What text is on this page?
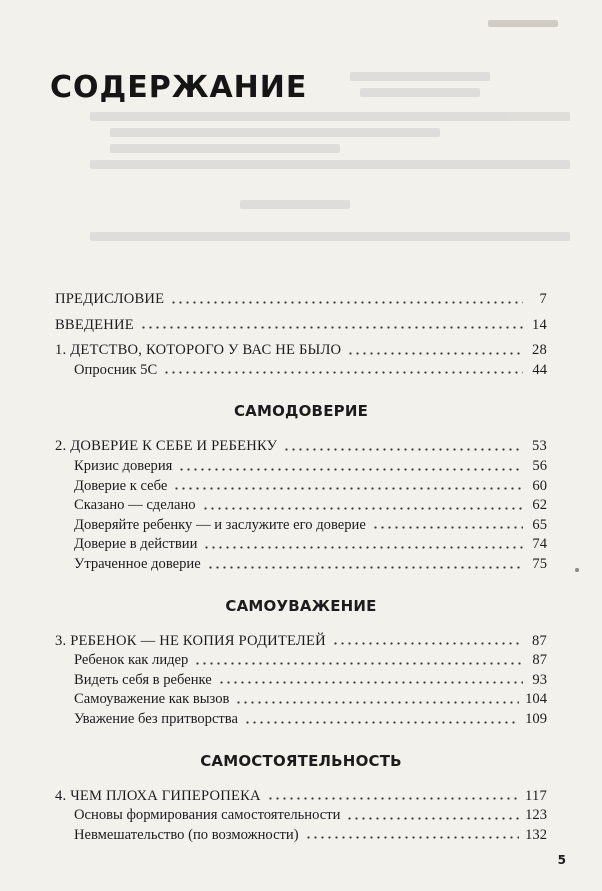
СОДЕРЖАНИЕ
ПРЕДИСЛОВИЕ	7
ВВЕДЕНИЕ	14
1. ДЕТСТВО, КОТОРОГО У ВАС НЕ БЫЛО	28
Опросник 5С	44
САМОДОВЕРИЕ
2. ДОВЕРИЕ К СЕБЕ И РЕБЕНКУ	53
Кризис доверия	56
Доверие к себе	60
Сказано — сделано	62
Доверяйте ребенку — и заслужите его доверие	65
Доверие в действии	74
Утраченное доверие	75
САМОУВАЖЕНИЕ
3. РЕБЕНОК — НЕ КОПИЯ РОДИТЕЛЕЙ	87
Ребенок как лидер	87
Видеть себя в ребенке	93
Самоуважение как вызов	104
Уважение без притворства	109
САМОСТОЯТЕЛЬНОСТЬ
4. ЧЕМ ПЛОХА ГИПЕРОПЕКА	117
Основы формирования самостоятельности	123
Невмешательство (по возможности)	132
5
